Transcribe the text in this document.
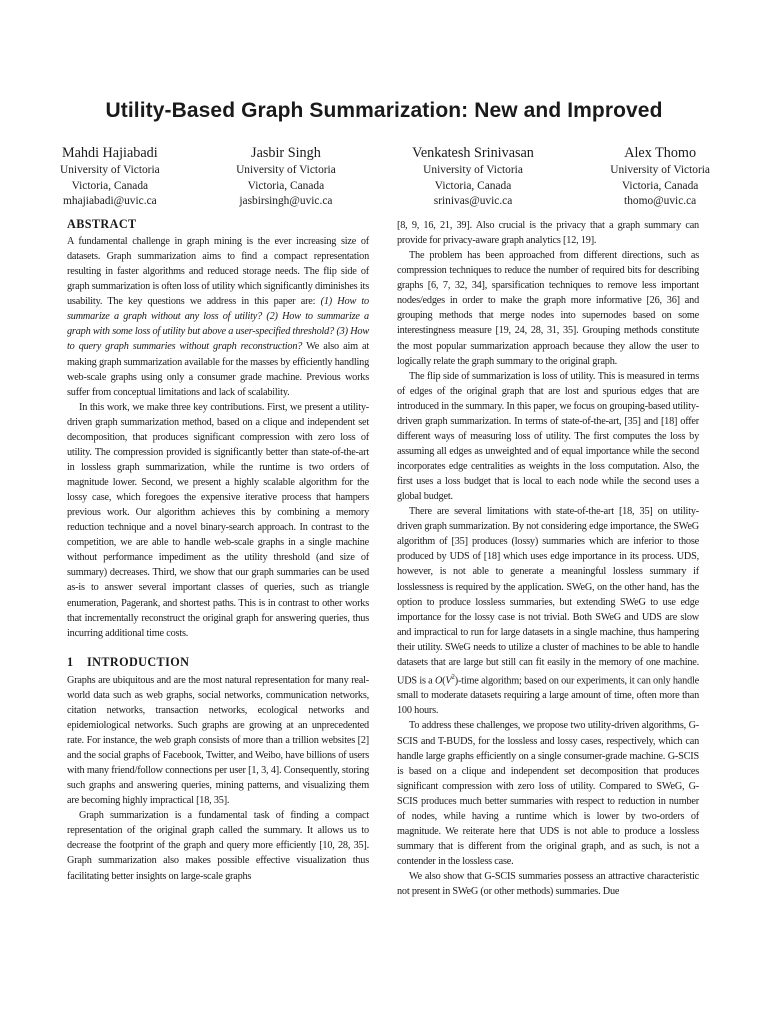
Utility-Based Graph Summarization: New and Improved
Mahdi Hajiabadi
University of Victoria
Victoria, Canada
mhajiabadi@uvic.ca
Jasbir Singh
University of Victoria
Victoria, Canada
jasbirsingh@uvic.ca
Venkatesh Srinivasan
University of Victoria
Victoria, Canada
srinivas@uvic.ca
Alex Thomo
University of Victoria
Victoria, Canada
thomo@uvic.ca
ABSTRACT

A fundamental challenge in graph mining is the ever increasing size of datasets. Graph summarization aims to find a compact representation resulting in faster algorithms and reduced storage needs. The flip side of graph summarization is often loss of utility which significantly diminishes its usability. The key questions we address in this paper are: (1) How to summarize a graph without any loss of utility? (2) How to summarize a graph with some loss of utility but above a user-specified threshold? (3) How to query graph summaries without graph reconstruction? We also aim at making graph summarization available for the masses by efficiently handling web-scale graphs using only a consumer grade machine. Previous works suffer from conceptual limitations and lack of scalability.

In this work, we make three key contributions. First, we present a utility-driven graph summarization method, based on a clique and independent set decomposition, that produces significant compression with zero loss of utility. The compression provided is significantly better than state-of-the-art in lossless graph summarization, while the runtime is two orders of magnitude lower. Second, we present a highly scalable algorithm for the lossy case, which foregoes the expensive iterative process that hampers previous work. Our algorithm achieves this by combining a memory reduction technique and a novel binary-search approach. In contrast to the competition, we are able to handle web-scale graphs in a single machine without performance impediment as the utility threshold (and size of summary) decreases. Third, we show that our graph summaries can be used as-is to answer several important classes of queries, such as triangle enumeration, Pagerank, and shortest paths. This is in contrast to other works that incrementally reconstruct the original graph for answering queries, thus incurring additional time costs.

1 INTRODUCTION

Graphs are ubiquitous and are the most natural representation for many real-world data such as web graphs, social networks, communication networks, citation networks, transaction networks, ecological networks and epidemiological networks. Such graphs are growing at an unprecedented rate. For instance, the web graph consists of more than a trillion websites [2] and the social graphs of Facebook, Twitter, and Weibo, have billions of users with many friend/follow connections per user [1, 3, 4]. Consequently, storing such graphs and answering queries, mining patterns, and visualizing them are becoming highly impractical [18, 35].

Graph summarization is a fundamental task of finding a compact representation of the original graph called the summary. It allows us to decrease the footprint of the graph and query more efficiently [10, 28, 35]. Graph summarization also makes possible effective visualization thus facilitating better insights on large-scale graphs

[8, 9, 16, 21, 39]. Also crucial is the privacy that a graph summary can provide for privacy-aware graph analytics [12, 19].

The problem has been approached from different directions, such as compression techniques to reduce the number of required bits for describing graphs [6, 7, 32, 34], sparsification techniques to remove less important nodes/edges in order to make the graph more informative [26, 36] and grouping methods that merge nodes into supernodes based on some interestingness measure [19, 24, 28, 31, 35]. Grouping methods constitute the most popular summarization approach because they allow the user to logically relate the graph summary to the original graph.

The flip side of summarization is loss of utility. This is measured in terms of edges of the original graph that are lost and spurious edges that are introduced in the summary. In this paper, we focus on grouping-based utility-driven graph summarization. In terms of state-of-the-art, [35] and [18] offer different ways of measuring loss of utility. The first computes the loss by assuming all edges as unweighted and of equal importance while the second incorporates edge centralities as weights in the loss computation. Also, the first uses a loss budget that is local to each node while the second uses a global budget.

There are several limitations with state-of-the-art [18, 35] on utility-driven graph summarization. By not considering edge importance, the SWeG algorithm of [35] produces (lossy) summaries which are inferior to those produced by UDS of [18] which uses edge importance in its process. UDS, however, is not able to generate a meaningful lossless summary if losslessness is required by the application. SWeG, on the other hand, has the option to produce lossless summaries, but extending SWeG to use edge importance for the lossy case is not trivial. Both SWeG and UDS are slow and impractical to run for large datasets in a single machine, thus hampering their utility. SWeG needs to utilize a cluster of machines to be able to handle datasets that are large but still can fit easily in the memory of one machine. UDS is a $O(V^2)$-time algorithm; based on our experiments, it can only handle small to moderate datasets requiring a large amount of time, often more than 100 hours.

To address these challenges, we propose two utility-driven algorithms, G-SCIS and T-BUDS, for the lossless and lossy cases, respectively, which can handle large graphs efficiently on a single consumer-grade machine. G-SCIS is based on a clique and independent set decomposition that produces significant compression with zero loss of utility. Compared to SWeG, G-SCIS produces much better summaries with respect to reduction in number of nodes, while having a runtime which is lower by two-orders of magnitude. We reiterate here that UDS is not able to produce a lossless summary that is different from the original graph, and as such, is not a contender in the lossless case.

We also show that G-SCIS summaries possess an attractive characteristic not present in SWeG (or other methods) summaries. Due
